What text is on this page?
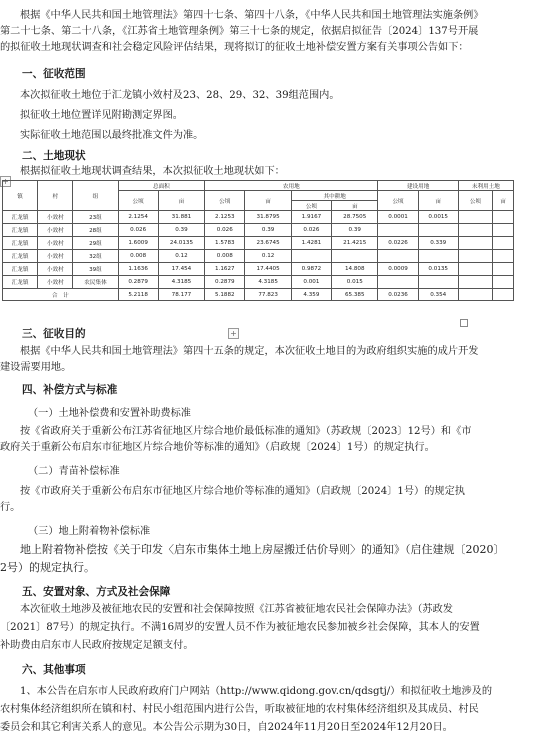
根据《中华人民共和国土地管理法》第四十七条、第四十八条，《中华人民共和国土地管理法实施条例》

第二十七条、第二十八条，《江苏省土地管理条例》第三十七条的规定，依据启拟征告〔2024〕137号开展

的拟征收土地现状调查和社会稳定风险评估结果，现将拟订的征收土地补偿安置方案有关事项公告如下：

一、征收范围

本次拟征收土地位于汇龙镇小效村及23、28、29、32、39组范围内。

拟征收土地位置详见附勘测定界图。

实际征收土地范围以最终批准文件为准。

二、土地现状

根据拟征收土地现状调查结果，本次拟征收土地现状如下：

+
镇	村	组	总面积		农用地				建设用地		未利用土地	
			公顷	亩	公顷	亩	其中耕地		公顷	亩	公顷	亩
							公顷	亩				
汇龙镇	小效村	23组	2.1254	31.881	2.1253	31.8795	1.9167	28.7505	0.0001	0.0015		
汇龙镇	小效村	28组	0.026	0.39	0.026	0.39	0.026	0.39				
汇龙镇	小效村	29组	1.6009	24.0135	1.5783	23.6745	1.4281	21.4215	0.0226	0.339		
汇龙镇	小效村	32组	0.008	0.12	0.008	0.12						
汇龙镇	小效村	39组	1.1636	17.454	1.1627	17.4405	0.9872	14.808	0.0009	0.0135		
汇龙镇	小效村	农民集体	0.2879	4.3185	0.2879	4.3185	0.001	0.015				
合　计			5.2118	78.177	5.1882	77.823	4.359	65.385	0.0236	0.354		
+

三、征收目的

根据《中华人民共和国土地管理法》第四十五条的规定，本次征收土地目的为政府组织实施的成片开发

建设需要用地。

四、补偿方式与标准

（一）土地补偿费和安置补助费标准

按《省政府关于重新公布江苏省征地区片综合地价最低标准的通知》（苏政规〔2023〕12号）和《市

政府关于重新公布启东市征地区片综合地价等标准的通知》（启政规〔2024〕1号）的规定执行。

（二）青苗补偿标准

按《市政府关于重新公布启东市征地区片综合地价等标准的通知》（启政规〔2024〕1号）的规定执

行。

（三）地上附着物补偿标准

地上附着物补偿按《关于印发〈启东市集体土地上房屋搬迁估价导则〉的通知》（启住建规〔2020〕

2号）的规定执行。

五、安置对象、方式及社会保障

本次征收土地涉及被征地农民的安置和社会保障按照《江苏省被征地农民社会保障办法》（苏政发

〔2021〕87号）的规定执行。不满16周岁的安置人员不作为被征地农民参加被乡社会保障，其本人的安置

补助费由启东市人民政府按规定足额支付。

六、其他事项

1、本公告在启东市人民政府政府门户网站（http://www.qidong.gov.cn/qdsgtj/）和拟征收土地涉及的

农村集体经济组织所在镇和村、村民小组范围内进行公告，听取被征地的农村集体经济组织及其成员、村民

委员会和其它利害关系人的意见。本公告公示期为30日，自2024年11月20日至2024年12月20日。
